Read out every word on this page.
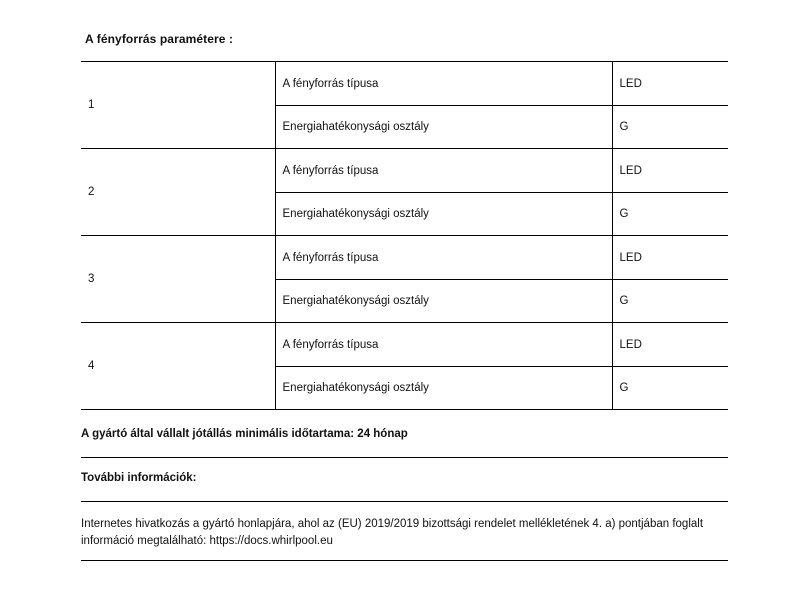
A fényforrás paramétere :
1	A fényforrás típusa	LED
	Energiahatékonysági osztály	G
2	A fényforrás típusa	LED
	Energiahatékonysági osztály	G
3	A fényforrás típusa	LED
	Energiahatékonysági osztály	G
4	A fényforrás típusa	LED
	Energiahatékonysági osztály	G
A gyártó által vállalt jótállás minimális időtartama: 24 hónap
További információk:
Internetes hivatkozás a gyártó honlapjára, ahol az (EU) 2019/2019 bizottsági rendelet mellékletének 4. a) pontjában foglalt információ megtalálható: https://docs.whirlpool.eu
